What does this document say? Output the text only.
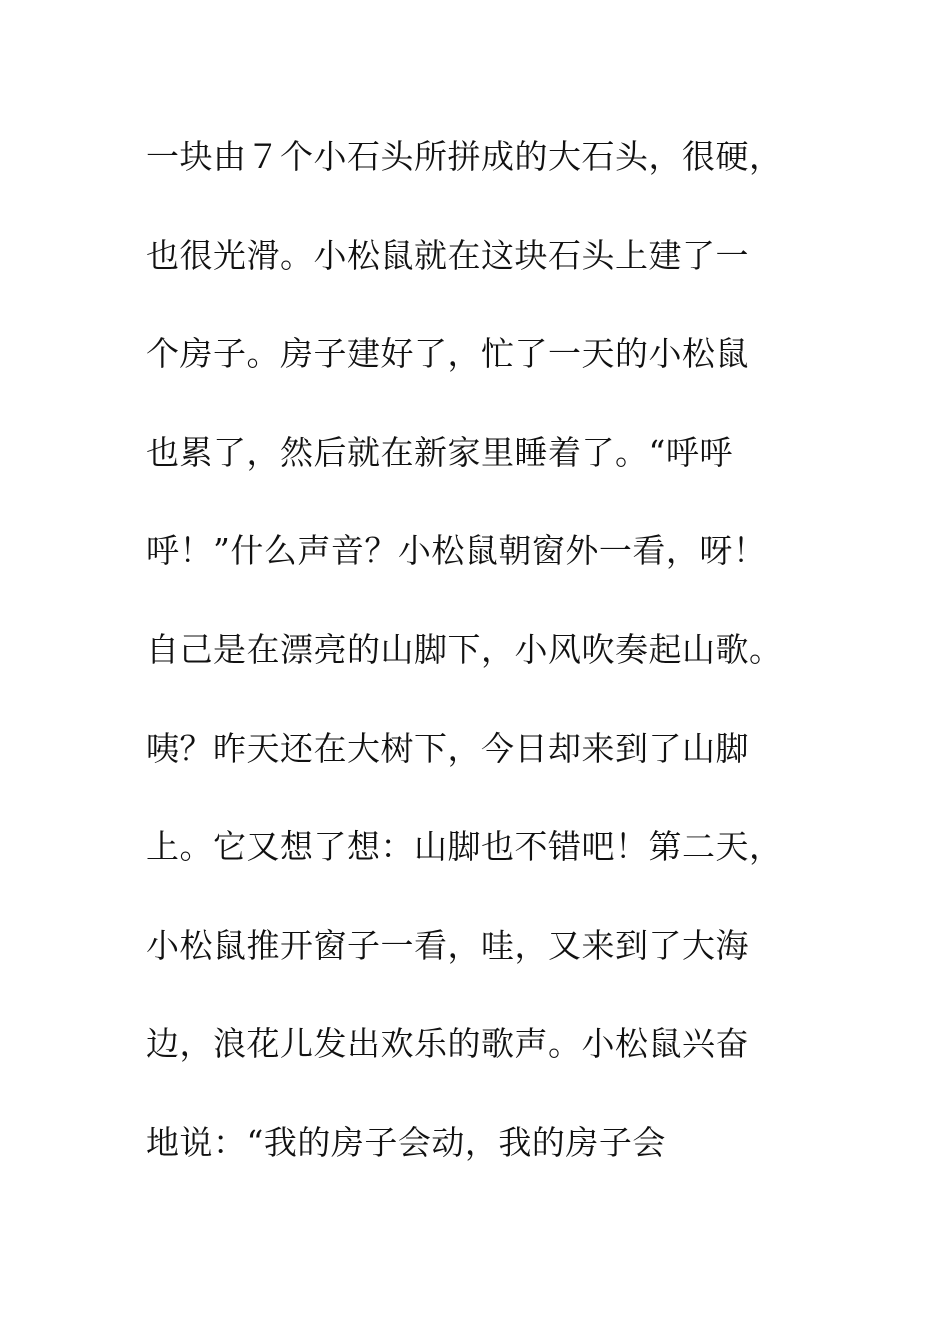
一块由７个小石头所拼成的大石头，很硬，
也很光滑。小松鼠就在这块石头上建了一
个房子。房子建好了，忙了一天的小松鼠
也累了，然后就在新家里睡着了。“呼呼
呼！”什么声音？小松鼠朝窗外一看，呀！
自己是在漂亮的山脚下，小风吹奏起山歌。
咦？昨天还在大树下，今日却来到了山脚
上。它又想了想：山脚也不错吧！第二天，
小松鼠推开窗子一看，哇，又来到了大海
边，浪花儿发出欢乐的歌声。小松鼠兴奋
地说：“我的房子会动，我的房子会
